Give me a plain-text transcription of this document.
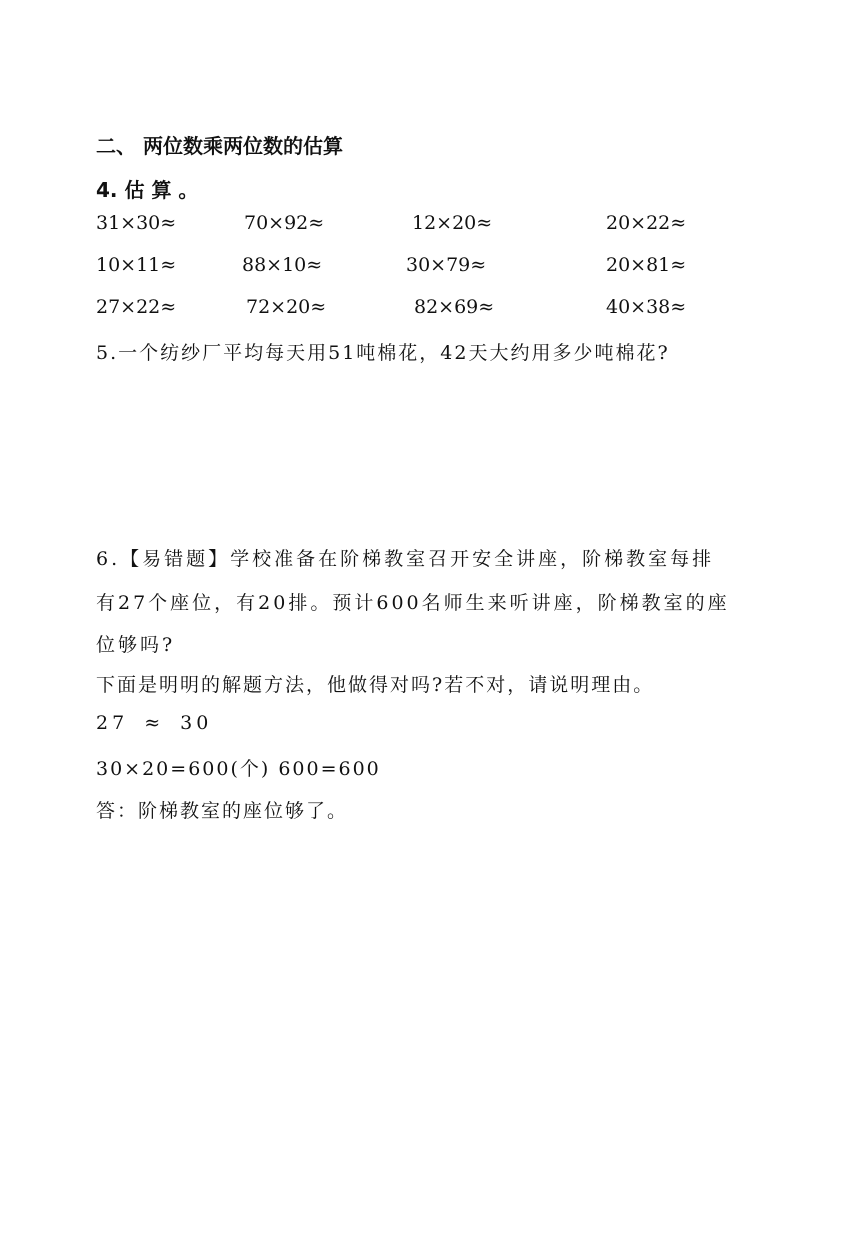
二、 两位数乘两位数的估算
4. 估 算 。
31×30≈	70×92≈	12×20≈	20×22≈
10×11≈	88×10≈	30×79≈	20×81≈
27×22≈	72×20≈	82×69≈	40×38≈
5.一个纺纱厂平均每天用51吨棉花，42天大约用多少吨棉花?
6.【易错题】学校准备在阶梯教室召开安全讲座，阶梯教室每排
有27个座位，有20排。预计600名师生来听讲座，阶梯教室的座
位够吗?
下面是明明的解题方法，他做得对吗?若不对，请说明理由。
27 ≈ 30
30×20=600(个) 600=600
答：阶梯教室的座位够了。
